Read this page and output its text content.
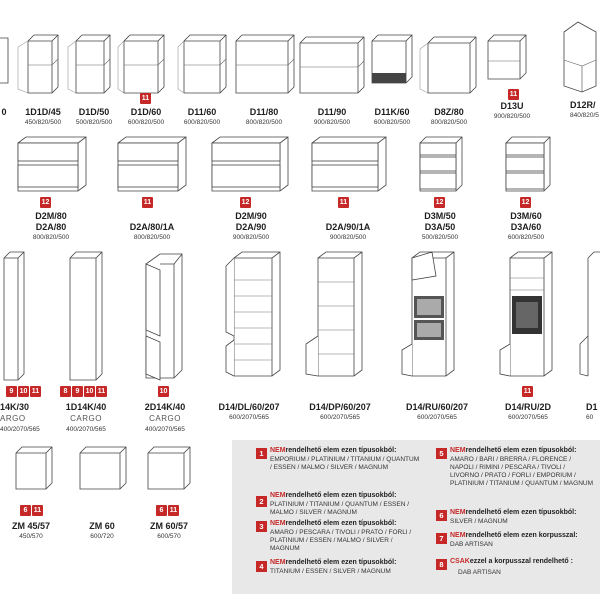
0	1D1D/45
450/820/500
D1D/50
500/820/500
11
D1D/60
600/820/500
D11/60
600/820/500
D11/80
800/820/500
D11/90
900/820/500
D11K/60
600/820/500
D8Z/80
800/820/500
11
D13U
900/820/500
D12R/
840/820/5
12
D2M/80
D2A/80
800/820/500
11
D2A/80/1A
800/820/500
12
D2M/90
D2A/90
900/820/500
11
D2A/90/1A
900/820/500
12
D3M/50
D3A/50
500/820/500
12
D3M/60
D3A/60
600/820/500
9 10 11
14K/30
ARGO
400/2070/565
8	9 10 11
1D14K/40
CARGO
400/2070/565
10
2D14K/40
CARGO
400/2070/565
D14/DL/60/207
600/2070/565
D14/DP/60/207
600/2070/565
D14/RU/60/207
600/2070/565
11
D14/RU/2D
600/2070/565
D1
60
6 11
ZM 45/57
450/570
ZM 60
600/720
6 11
ZM 60/57
600/570
1 NEMrendelhető elem ezen típusokból:
EMPORIUM / PLATINIUM / TITANIUM / QUANTUM / ESSEN / MALMO / SILVER / MAGNUM
2
NEMrendelhető elem ezen típusokból:
PLATINIUM / TITANIUM / QUANTUM / ESSEN / MALMO / SILVER / MAGNUM
3 NEMrendelhető elem ezen típusokból:
AMARO / PESCARA / TIVOLI / PRATO / FORLI / PLATINIUM / ESSEN / MALMO / SILVER / MAGNUM
4 NEMrendelhető elem ezen típusokból:
TITANIUM / ESSEN / SILVER / MAGNUM
5 NEMrendelhető elem ezen típusokból:
AMARO / BARI / BRERRA / FLORENCE / NAPOLI / RIMINI / PESCARA / TIVOLI / LIVORNO / PRATO / FORLI / EMPORIUM / PLATINIUM / TITANIUM / QUANTUM / MAGNUM
6 NEMrendelhető elem ezen típusokból:
SILVER / MAGNUM
7 NEMrendelhető elem ezen korpusszal:
DAB ARTISAN
8 CSAKezzel a korpusszal rendelhető :
DAB ARTISAN
